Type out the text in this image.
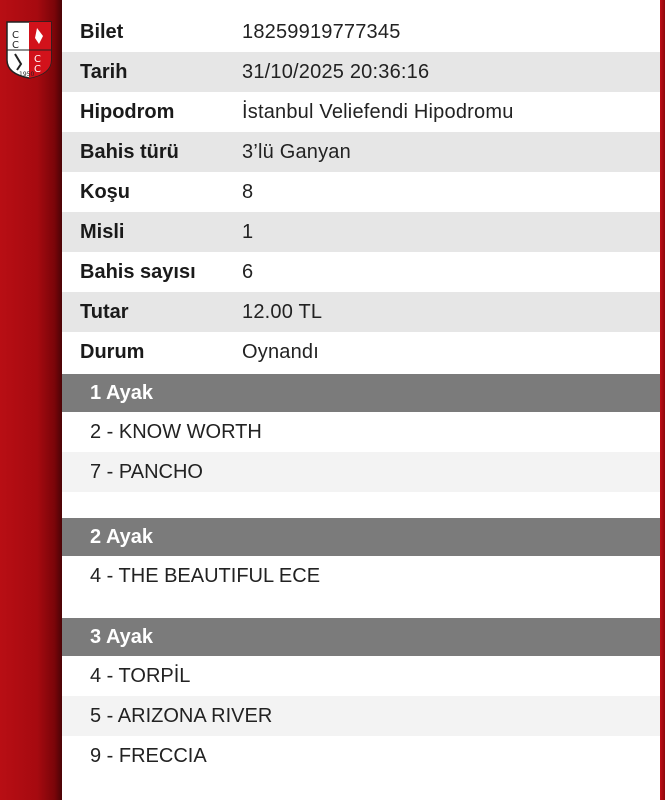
C
C
C
C
1950
Bilet	18259919777345
Tarih	31/10/2025 20:36:16
Hipodrom	İstanbul Veliefendi Hipodromu
Bahis türü	3’lü Ganyan
Koşu	8
Misli	1
Bahis sayısı	6
Tutar	12.00 TL
Durum	Oynandı
1 Ayak
2 - KNOW WORTH
7 - PANCHO
2 Ayak
4 - THE BEAUTIFUL ECE
3 Ayak
4 - TORPİL
5 - ARIZONA RIVER
9 - FRECCIA
